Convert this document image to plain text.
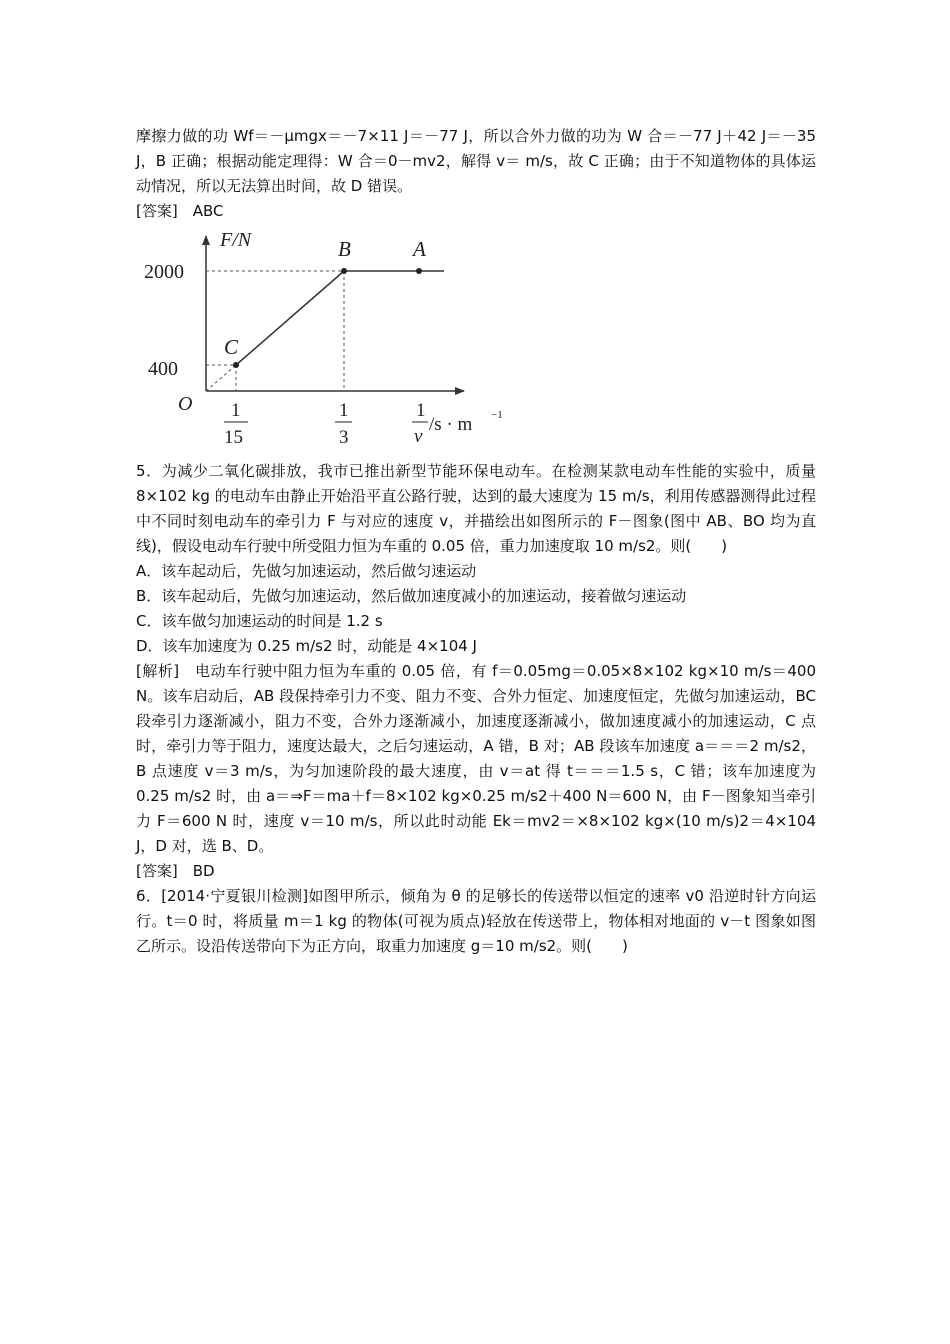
摩擦力做的功 Wf＝－μmgx＝－7×11 J＝－77 J，所以合外力做的功为 W 合＝－77 J＋42 J＝－35 J，B 正确；根据动能定理得：W 合＝0－mv2，解得 v＝ m/s，故 C 正确；由于不知道物体的具体运动情况，所以无法算出时间，故 D 错误。

[答案]　ABC

F/N	B	A
C
2000
400
O 1
15
1
3
1
v
/s · m −1

5．为减少二氧化碳排放，我市已推出新型节能环保电动车。在检测某款电动车性能的实验中，质量 8×102 kg 的电动车由静止开始沿平直公路行驶，达到的最大速度为 15 m/s，利用传感器测得此过程中不同时刻电动车的牵引力 F 与对应的速度 v，并描绘出如图所示的 F－图象(图中 AB、BO 均为直线)，假设电动车行驶中所受阻力恒为车重的 0.05 倍，重力加速度取 10 m/s2。则(　　)

A．该车起动后，先做匀加速运动，然后做匀速运动

B．该车起动后，先做匀加速运动，然后做加速度减小的加速运动，接着做匀速运动

C．该车做匀加速运动的时间是 1.2 s

D．该车加速度为 0.25 m/s2 时，动能是 4×104 J

[解析]　电动车行驶中阻力恒为车重的 0.05 倍，有 f＝0.05mg＝0.05×8×102 kg×10 m/s＝400 N。该车启动后，AB 段保持牵引力不变、阻力不变、合外力恒定、加速度恒定，先做匀加速运动，BC 段牵引力逐渐减小，阻力不变，合外力逐渐减小，加速度逐渐减小，做加速度减小的加速运动，C 点时，牵引力等于阻力，速度达最大，之后匀速运动，A 错，B 对；AB 段该车加速度 a＝＝＝2 m/s2，B 点速度 v＝3 m/s，为匀加速阶段的最大速度，由 v＝at 得 t＝＝＝1.5 s，C 错；该车加速度为 0.25 m/s2 时，由 a＝⇒F＝ma＋f＝8×102 kg×0.25 m/s2＋400 N＝600 N，由 F－图象知当牵引力 F＝600 N 时，速度 v＝10 m/s，所以此时动能 Ek＝mv2＝×8×102 kg×(10 m/s)2＝4×104 J，D 对，选 B、D。

[答案]　BD

6．[2014·宁夏银川检测]如图甲所示，倾角为 θ 的足够长的传送带以恒定的速率 v0 沿逆时针方向运行。t＝0 时，将质量 m＝1 kg 的物体(可视为质点)轻放在传送带上，物体相对地面的 v－t 图象如图乙所示。设沿传送带向下为正方向，取重力加速度 g＝10 m/s2。则(　　)
